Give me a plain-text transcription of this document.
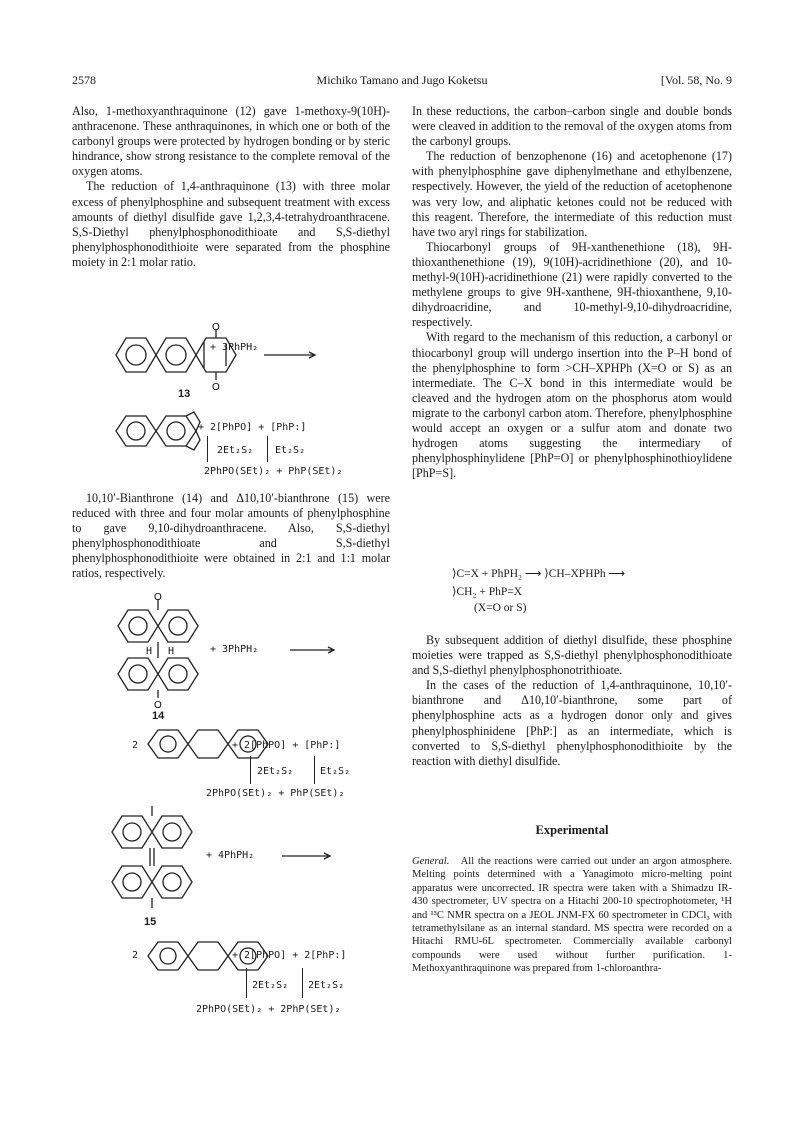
2578	Michiko Tamano and Jugo Koketsu	[Vol. 58, No. 9

Also, 1-methoxyanthraquinone (12) gave 1-methoxy-9(10H)-anthracenone. These anthraquinones, in which one or both of the carbonyl groups were protected by hydrogen bonding or by steric hindrance, show strong resistance to the complete removal of the oxygen atoms.

The reduction of 1,4-anthraquinone (13) with three molar excess of phenylphosphine and subsequent treatment with excess amounts of diethyl disulfide gave 1,2,3,4-tetrahydroanthracene. S,S-Diethyl phenylphosphonodithioate and S,S-diethyl phenylphosphonodithioite were separated from the phosphine moiety in 2:1 molar ratio.

O
O
+ 3PhPH₂
13
+ 2[PhPO] + [PhP:]
2Et₂S₂ Et₂S₂
2PhPO(SEt)₂ + PhP(SEt)₂

10,10′-Bianthrone (14) and Δ10,10′-bianthrone (15) were reduced with three and four molar amounts of phenylphosphine to gave 9,10-dihydroanthracene. Also, S,S-diethyl phenylphosphonodithioate and S,S-diethyl phenylphosphonodithioite were obtained in 2:1 and 1:1 molar ratios, respectively.

O
O
H H	+ 3PhPH₂
14
2	+ 2[PhPO] + [PhP:]
2Et₂S₂	Et₂S₂
2PhPO(SEt)₂ + PhP(SEt)₂
+ 4PhPH₂
15
2	+ 2[PhPO] + 2[PhP:]
2Et₂S₂ 2Et₂S₂
2PhPO(SEt)₂ + 2PhP(SEt)₂

In these reductions, the carbon–carbon single and double bonds were cleaved in addition to the removal of the oxygen atoms from the carbonyl groups.

The reduction of benzophenone (16) and acetophenone (17) with phenylphosphine gave diphenylmethane and ethylbenzene, respectively. However, the yield of the reduction of acetophenone was very low, and aliphatic ketones could not be reduced with this reagent. Therefore, the intermediate of this reduction must have two aryl rings for stabilization.

Thiocarbonyl groups of 9H-xanthenethione (18), 9H-thioxanthenethione (19), 9(10H)-acridinethione (20), and 10-methyl-9(10H)-acridinethione (21) were rapidly converted to the methylene groups to give 9H-xanthene, 9H-thioxanthene, 9,10-dihydroacridine, and 10-methyl-9,10-dihydroacridine, respectively.

With regard to the mechanism of this reduction, a carbonyl or thiocarbonyl group will undergo insertion into the P–H bond of the phenylphosphine to form >CH–XPHPh (X=O or S) as an intermediate. The C–X bond in this intermediate would be cleaved and the hydrogen atom on the phosphorus atom would migrate to the carbonyl carbon atom. Therefore, phenylphosphine would accept an oxygen or a sulfur atom and donate two hydrogen atoms suggesting the intermediary of phenylphosphinylidene [PhP=O] or phenylphosphinothioylidene [PhP=S].

⟩C=X + PhPH₂ ⟶ ⟩CH–XPHPh ⟶
⟩CH₂ + PhP=X
(X=O or S)

By subsequent addition of diethyl disulfide, these phosphine moieties were trapped as S,S-diethyl phenylphosphonodithioate and S,S-diethyl phenylphosphonotrithioate.

In the cases of the reduction of 1,4-anthraquinone, 10,10′-bianthrone and Δ10,10′-bianthrone, some part of phenylphosphine acts as a hydrogen donor only and gives phenylphosphinidene [PhP:] as an intermediate, which is converted to S,S-diethyl phenylphosphonodithioite by the reaction with diethyl disulfide.

Experimental

General. All the reactions were carried out under an argon atmosphere. Melting points determined with a Yanagimoto micro-melting point apparatus were uncorrected. IR spectra were taken with a Shimadzu IR-430 spectrometer, UV spectra on a Hitachi 200-10 spectrophotometer, ¹H and ¹³C NMR spectra on a JEOL JNM-FX 60 spectrometer in CDCl₃ with tetramethylsilane as an internal standard. MS spectra were recorded on a Hitachi RMU-6L spectrometer. Commercially available carbonyl compounds were used without further purification. 1-Methoxyanthraquinone was prepared from 1-chloroanthra-
